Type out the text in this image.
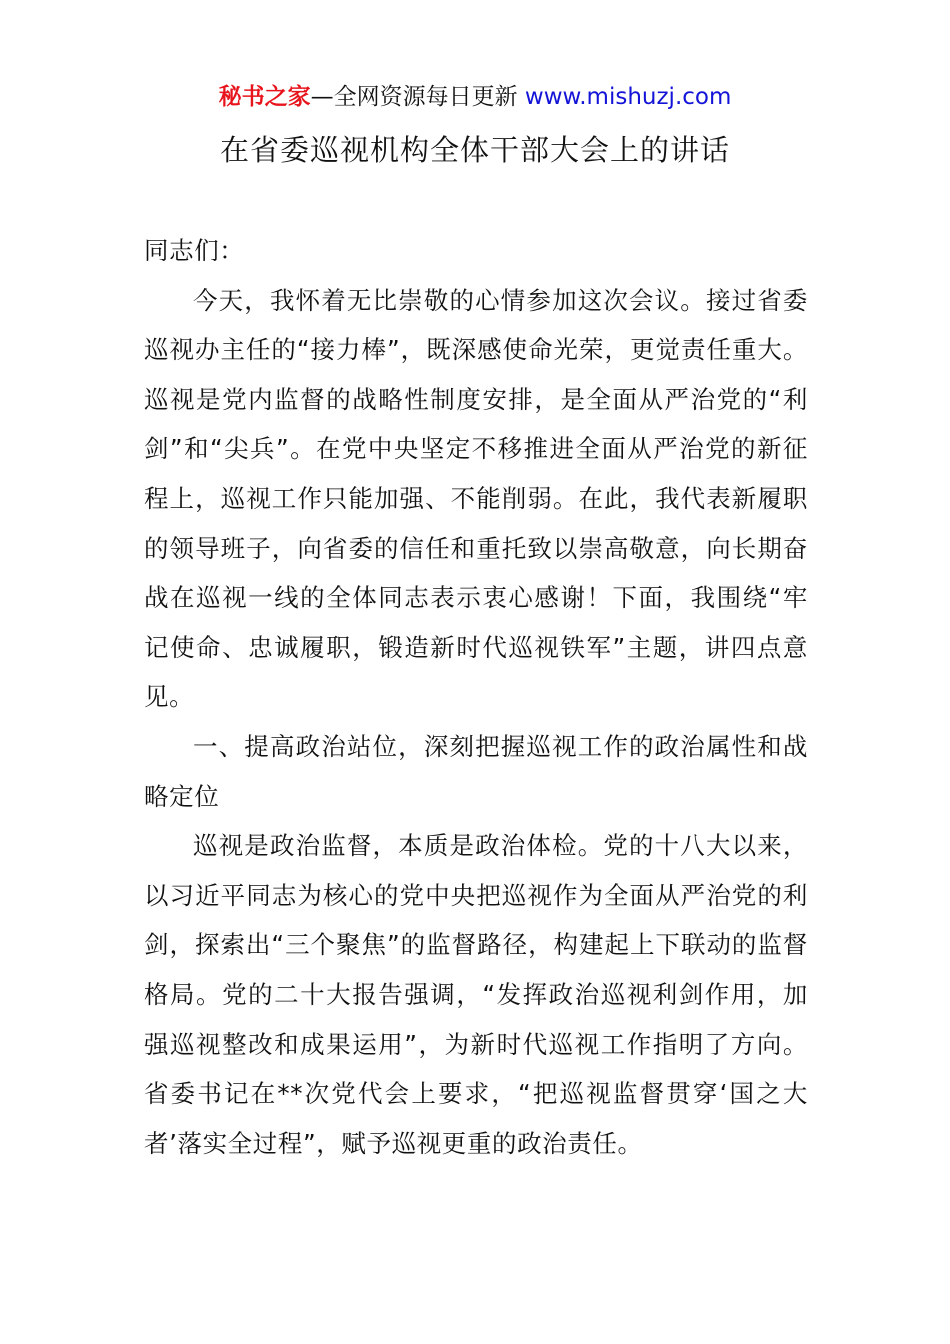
秘书之家—全网资源每日更新 www.mishuzj.com
在省委巡视机构全体干部大会上的讲话

同志们：

今天，我怀着无比崇敬的心情参加这次会议。接过省委巡视办主任的“接力棒”，既深感使命光荣，更觉责任重大。巡视是党内监督的战略性制度安排，是全面从严治党的“利剑”和“尖兵”。在党中央坚定不移推进全面从严治党的新征程上，巡视工作只能加强、不能削弱。在此，我代表新履职的领导班子，向省委的信任和重托致以崇高敬意，向长期奋战在巡视一线的全体同志表示衷心感谢！下面，我围绕“牢记使命、忠诚履职，锻造新时代巡视铁军”主题，讲四点意见。

一、提高政治站位，深刻把握巡视工作的政治属性和战略定位

巡视是政治监督，本质是政治体检。党的十八大以来，以习近平同志为核心的党中央把巡视作为全面从严治党的利剑，探索出“三个聚焦”的监督路径，构建起上下联动的监督格局。党的二十大报告强调，“发挥政治巡视利剑作用，加强巡视整改和成果运用”，为新时代巡视工作指明了方向。省委书记在**次党代会上要求，“把巡视监督贯穿‘国之大者’落实全过程”，赋予巡视更重的政治责任。
